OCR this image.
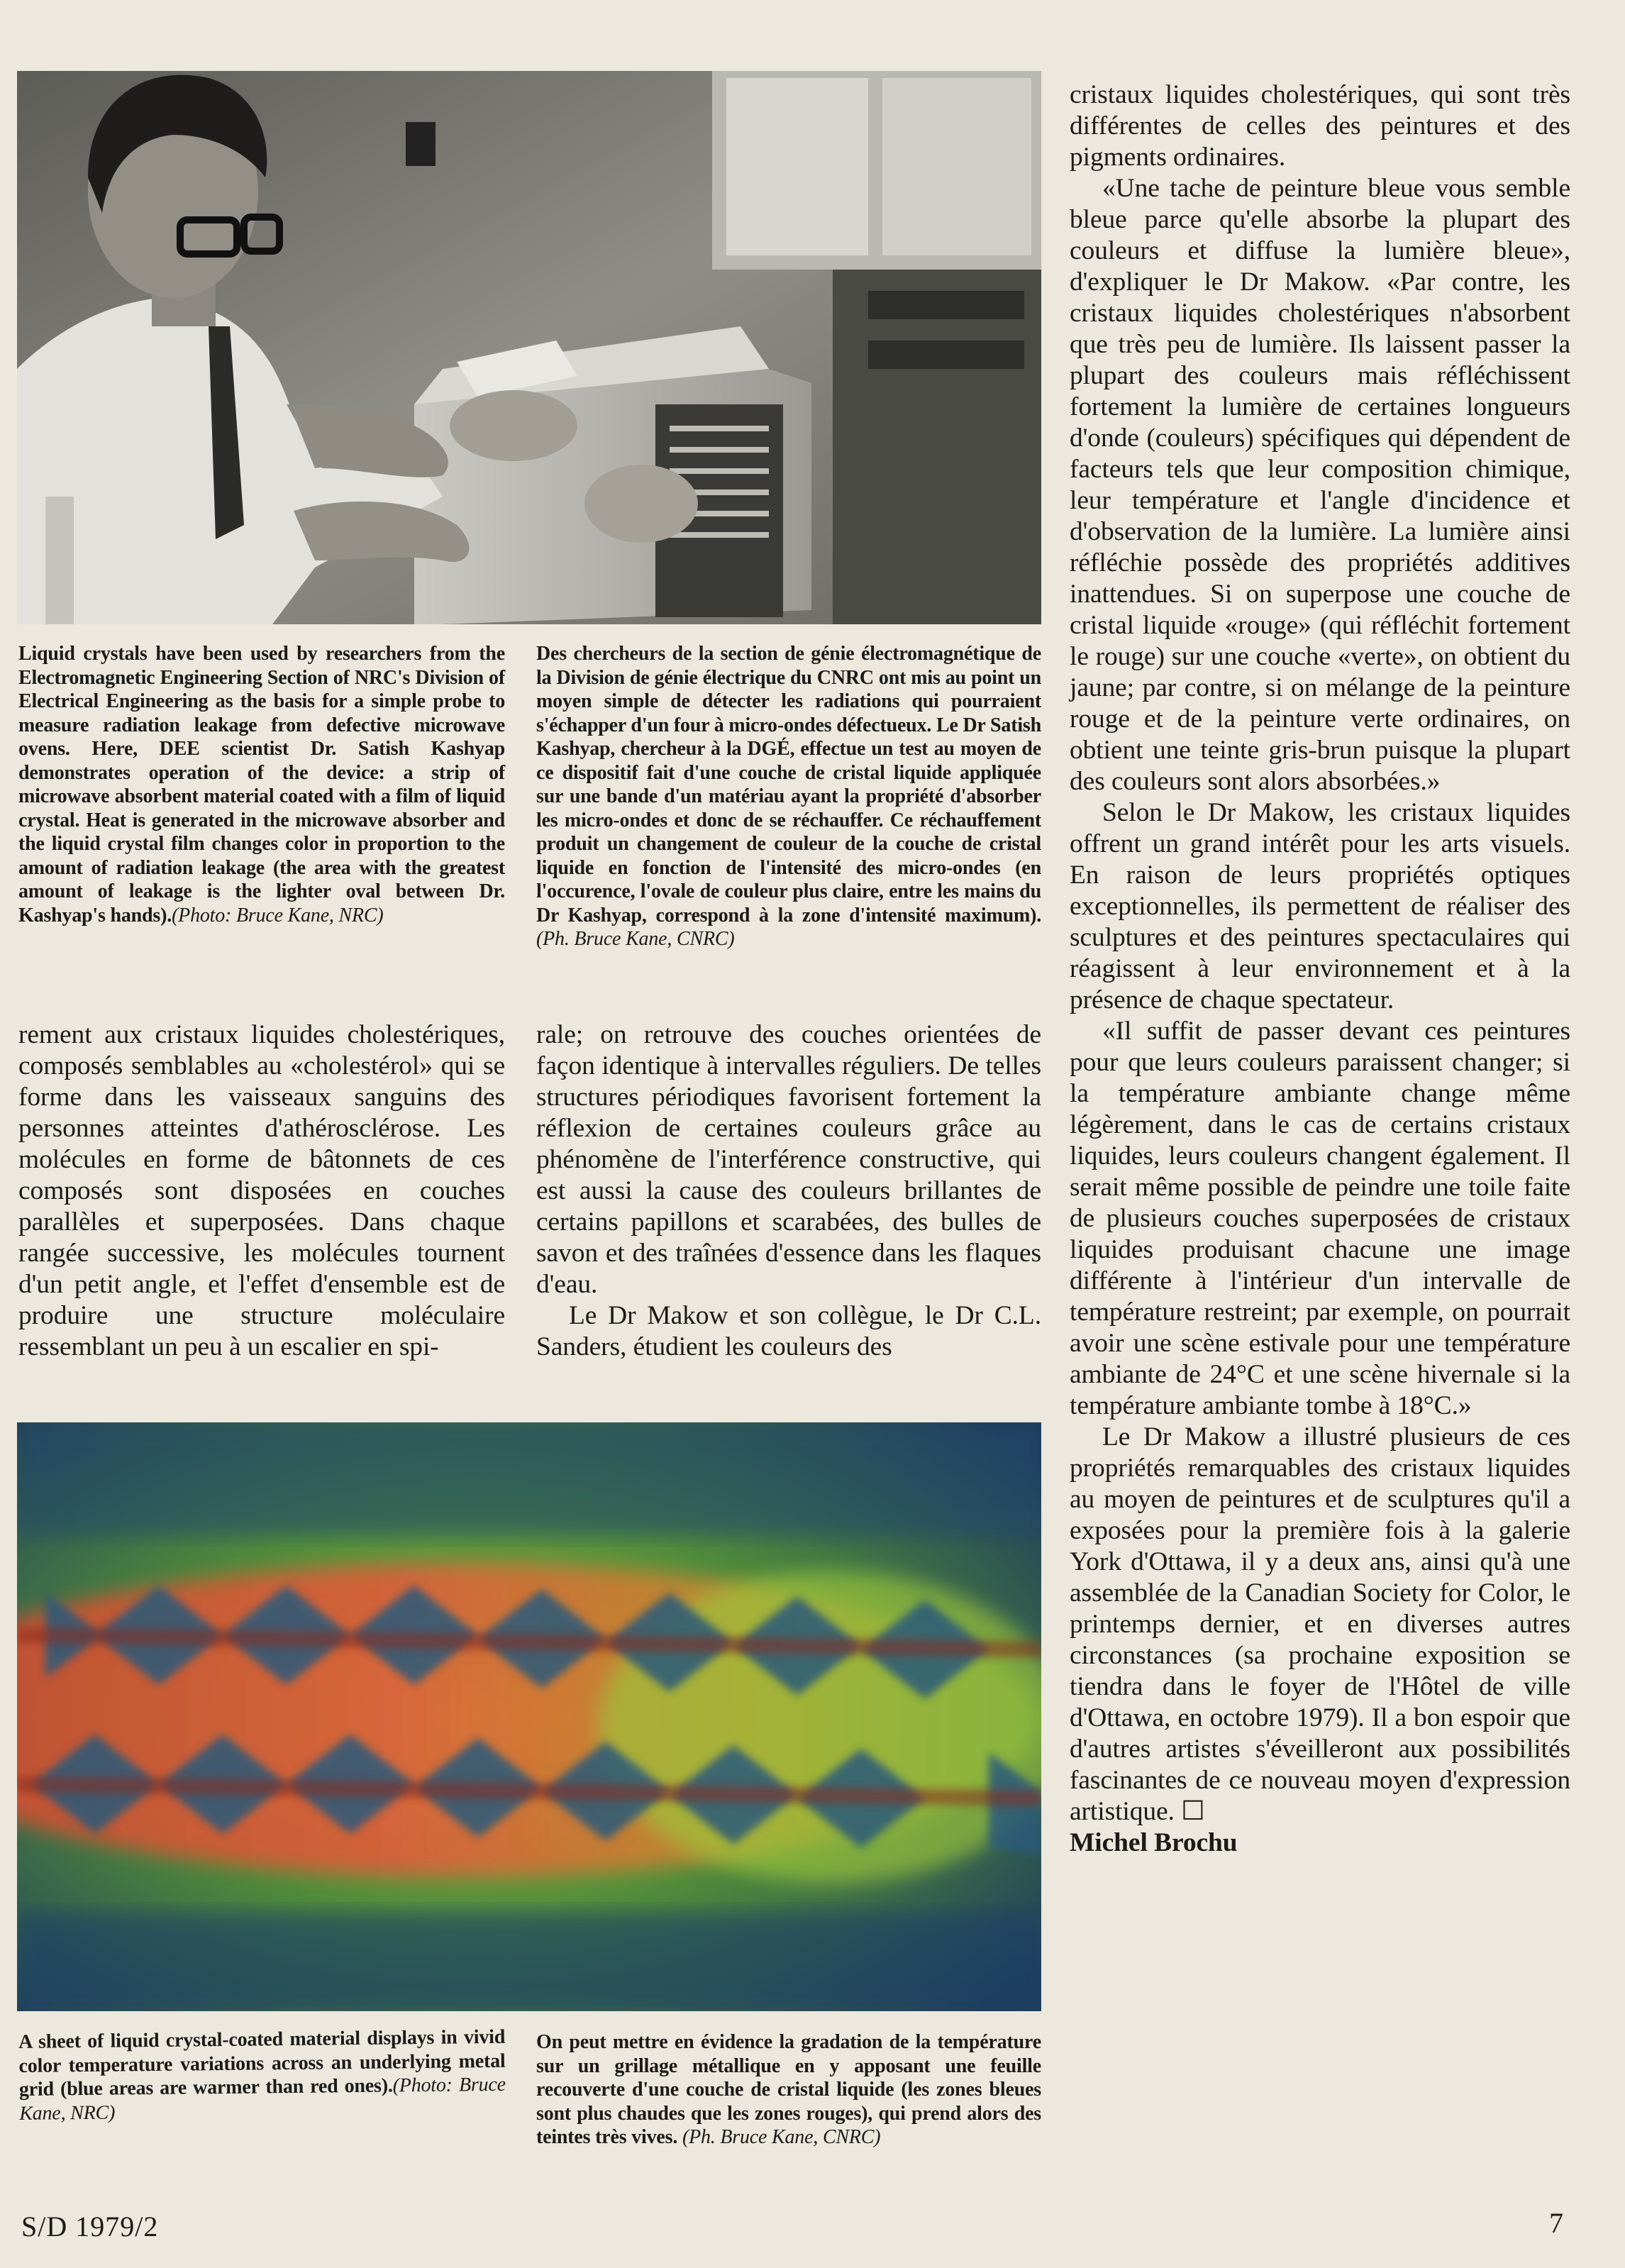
Liquid crystals have been used by researchers from the Electromagnetic Engineering Section of NRC's Division of Electrical Engineering as the basis for a simple probe to measure radiation leakage from defective microwave ovens. Here, DEE scientist Dr. Satish Kashyap demonstrates operation of the device: a strip of microwave absorbent material coated with a film of liquid crystal. Heat is generated in the microwave absorber and the liquid crystal film changes color in proportion to the amount of radiation leakage (the area with the greatest amount of leakage is the lighter oval between Dr. Kashyap's hands).(Photo: Bruce Kane, NRC)
Des chercheurs de la section de génie électromagnétique de la Division de génie électrique du CNRC ont mis au point un moyen simple de détecter les radiations qui pourraient s'échapper d'un four à micro-ondes défectueux. Le Dr Satish Kashyap, chercheur à la DGÉ, effectue un test au moyen de ce dispositif fait d'une couche de cristal liquide appliquée sur une bande d'un matériau ayant la propriété d'absorber les micro-ondes et donc de se réchauffer. Ce réchauffement produit un changement de couleur de la couche de cristal liquide en fonction de l'intensité des micro-ondes (en l'occurence, l'ovale de couleur plus claire, entre les mains du Dr Kashyap, correspond à la zone d'intensité maximum). (Ph. Bruce Kane, CNRC)

rement aux cristaux liquides cholestériques, composés semblables au «cholestérol» qui se forme dans les vaisseaux sanguins des personnes atteintes d'athérosclérose. Les molécules en forme de bâtonnets de ces composés sont disposées en couches parallèles et superposées. Dans chaque rangée successive, les molécules tournent d'un petit angle, et l'effet d'ensemble est de produire une structure moléculaire ressemblant un peu à un escalier en spi-

rale; on retrouve des couches orientées de façon identique à intervalles réguliers. De telles structures périodiques favorisent fortement la réflexion de certaines couleurs grâce au phénomène de l'interférence constructive, qui est aussi la cause des couleurs brillantes de certains papillons et scarabées, des bulles de savon et des traînées d'essence dans les flaques d'eau.

Le Dr Makow et son collègue, le Dr C.L. Sanders, étudient les couleurs des

cristaux liquides cholestériques, qui sont très différentes de celles des peintures et des pigments ordinaires.

«Une tache de peinture bleue vous semble bleue parce qu'elle absorbe la plupart des couleurs et diffuse la lumière bleue», d'expliquer le Dr Makow. «Par contre, les cristaux liquides cholestériques n'absorbent que très peu de lumière. Ils laissent passer la plupart des couleurs mais réfléchissent fortement la lumière de certaines longueurs d'onde (couleurs) spécifiques qui dépendent de facteurs tels que leur composition chimique, leur température et l'angle d'incidence et d'observation de la lumière. La lumière ainsi réfléchie possède des propriétés additives inattendues. Si on superpose une couche de cristal liquide «rouge» (qui réfléchit fortement le rouge) sur une couche «verte», on obtient du jaune; par contre, si on mélange de la peinture rouge et de la peinture verte ordinaires, on obtient une teinte gris-brun puisque la plupart des couleurs sont alors absorbées.»

Selon le Dr Makow, les cristaux liquides offrent un grand intérêt pour les arts visuels. En raison de leurs propriétés optiques exceptionnelles, ils permettent de réaliser des sculptures et des peintures spectaculaires qui réagissent à leur environnement et à la présence de chaque spectateur.

«Il suffit de passer devant ces peintures pour que leurs couleurs paraissent changer; si la température ambiante change même légèrement, dans le cas de certains cristaux liquides, leurs couleurs changent également. Il serait même possible de peindre une toile faite de plusieurs couches superposées de cristaux liquides produisant chacune une image différente à l'intérieur d'un intervalle de température restreint; par exemple, on pourrait avoir une scène estivale pour une température ambiante de 24°C et une scène hivernale si la température ambiante tombe à 18°C.»

Le Dr Makow a illustré plusieurs de ces propriétés remarquables des cristaux liquides au moyen de peintures et de sculptures qu'il a exposées pour la première fois à la galerie York d'Ottawa, il y a deux ans, ainsi qu'à une assemblée de la Canadian Society for Color, le printemps dernier, et en diverses autres circonstances (sa prochaine exposition se tiendra dans le foyer de l'Hôtel de ville d'Ottawa, en octobre 1979). Il a bon espoir que d'autres artistes s'éveilleront aux possibilités fascinantes de ce nouveau moyen d'expression artistique. ☐

Michel Brochu

A sheet of liquid crystal-coated material displays in vivid color temperature variations across an underlying metal grid (blue areas are warmer than red ones).(Photo: Bruce Kane, NRC)
On peut mettre en évidence la gradation de la température sur un grillage métallique en y apposant une feuille recouverte d'une couche de cristal liquide (les zones bleues sont plus chaudes que les zones rouges), qui prend alors des teintes très vives. (Ph. Bruce Kane, CNRC)
S/D 1979/2	7
